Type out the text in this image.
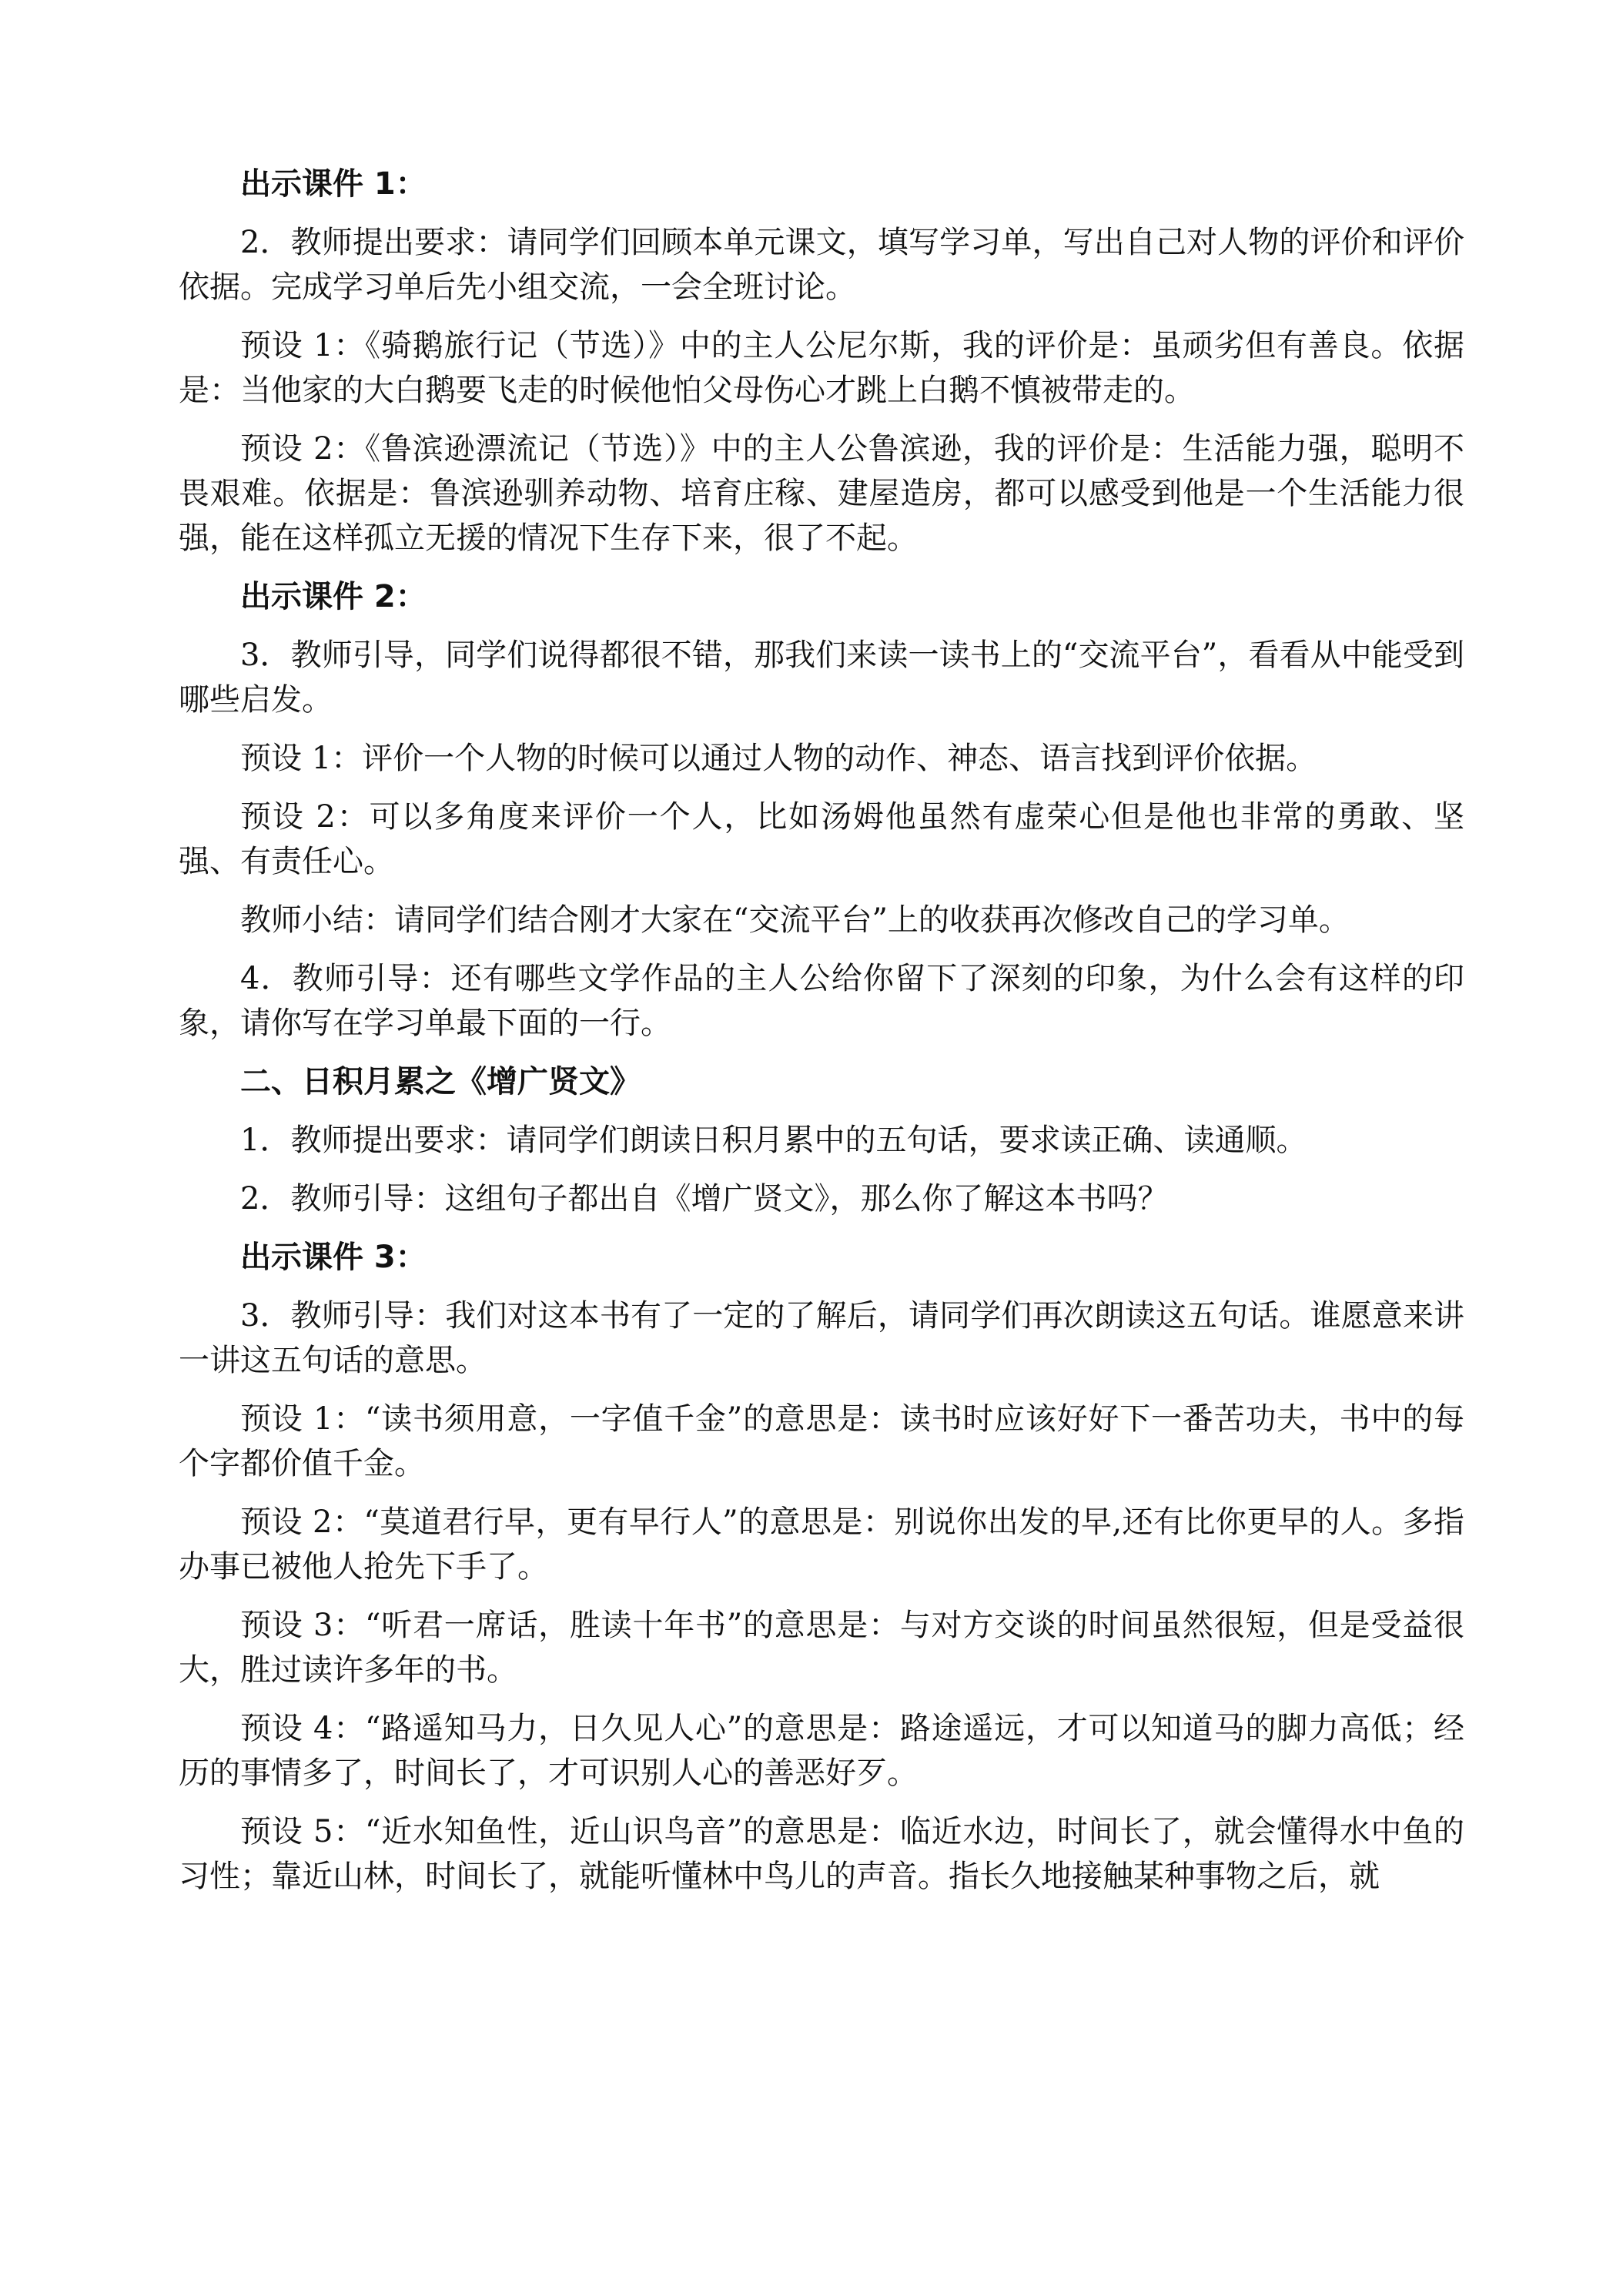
出示课件 1：

2．教师提出要求：请同学们回顾本单元课文，填写学习单，写出自己对人物的评价和评价依据。完成学习单后先小组交流，一会全班讨论。

预设 1：《骑鹅旅行记（节选）》中的主人公尼尔斯，我的评价是：虽顽劣但有善良。依据是：当他家的大白鹅要飞走的时候他怕父母伤心才跳上白鹅不慎被带走的。

预设 2：《鲁滨逊漂流记（节选）》中的主人公鲁滨逊，我的评价是：生活能力强，聪明不畏艰难。依据是：鲁滨逊驯养动物、培育庄稼、建屋造房，都可以感受到他是一个生活能力很强，能在这样孤立无援的情况下生存下来，很了不起。

出示课件 2：

3．教师引导，同学们说得都很不错，那我们来读一读书上的“交流平台”，看看从中能受到哪些启发。

预设 1：评价一个人物的时候可以通过人物的动作、神态、语言找到评价依据。

预设 2：可以多角度来评价一个人，比如汤姆他虽然有虚荣心但是他也非常的勇敢、坚强、有责任心。

教师小结：请同学们结合刚才大家在“交流平台”上的收获再次修改自己的学习单。

4．教师引导：还有哪些文学作品的主人公给你留下了深刻的印象，为什么会有这样的印象，请你写在学习单最下面的一行。

二、日积月累之《增广贤文》

1．教师提出要求：请同学们朗读日积月累中的五句话，要求读正确、读通顺。

2．教师引导：这组句子都出自《增广贤文》，那么你了解这本书吗？

出示课件 3：

3．教师引导：我们对这本书有了一定的了解后，请同学们再次朗读这五句话。谁愿意来讲一讲这五句话的意思。

预设 1：“读书须用意，一字值千金”的意思是：读书时应该好好下一番苦功夫，书中的每个字都价值千金。

预设 2：“莫道君行早，更有早行人”的意思是：别说你出发的早,还有比你更早的人。多指办事已被他人抢先下手了。

预设 3：“听君一席话，胜读十年书”的意思是：与对方交谈的时间虽然很短，但是受益很大，胜过读许多年的书。

预设 4：“路遥知马力，日久见人心”的意思是：路途遥远，才可以知道马的脚力高低；经历的事情多了，时间长了，才可识别人心的善恶好歹。

预设 5：“近水知鱼性，近山识鸟音”的意思是：临近水边，时间长了，就会懂得水中鱼的习性；靠近山林，时间长了，就能听懂林中鸟儿的声音。指长久地接触某种事物之后，就
